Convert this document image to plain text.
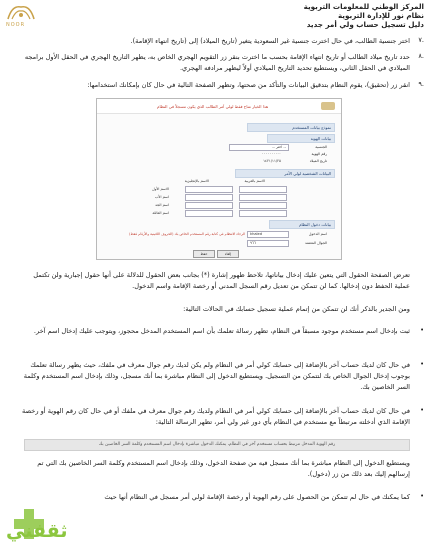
NOOR
المركز الوطني للمعلومات التربوية
نظام نور للإدارة التربوية
دليل تسجيل حساب ولي أمر جديد
٧.
اختر جنسية الطالب، في حال اخترت جنسية غير السعودية يتغير (تاريخ الميلاد) إلى (تاريخ انتهاء الإقامة).
٨.
حدد تاريخ ميلاد الطالب أو تاريخ انتهاء الإقامة بحسب ما اخترت بنقر زر التقويم الهجري الخاص به، يظهر التاريخ الهجري في الحقل الأول برامجه الميلادي في الحقل الثاني، ويستطيع تحديد التاريخ الميلادي أولاً ليظهر مرادفه الهجري.
٩.
انقر زر (تحقيق)، يقوم النظام بتدقيق البيانات والتأكد من صحتها، وتظهر الصفحة التالية في حال كان بإمكانك استخدامها:
هذا الخيار متاح فقط لولي أمر الطالب الذي يكون مسجلاً في النظام
نموذج بيانات المستخدم
بيانات الهوية
الجنسية
-- اختر --
رقم الهوية
٠٠٠٠٠٠٠٠٠٠
تاريخ الميلاد
١٤٢١/١١/٢٥
البيانات الشخصية لولي الأمر
الاسم بالعربية
الاسم بالإنجليزية
الاسم الأول
اسم الأب
اسم الجد
اسم العائلة
بيانات دخول النظام
اسم الدخول
khaled
الرجاء الانتظام في كتابة رقم المستخدم الخاص بك (الحروف اللاتينية والأرقام فقط)
الجوال المعتمد
٩٦٦
حفظ	إلغاء
تعرض الصفحة الحقول التي يتعين عليك إدخال بياناتها، تلاحظ ظهور إشارة (*) بجانب بعض الحقول للدلالة على أنها حقول إجبارية ولن تكتمل عملية الحفظ دون إدخالها. كما لن تتمكن من تعديل رقم السجل المدني أو رخصة الإقامة واسم الدخول.
ومن الجدير بالذكر أنك لن تتمكن من إتمام عملية تسجيل حسابك في الحالات التالية:
•
ثبت بإدخال اسم مستخدم موجود مسبقاً في النظام، تظهر رسالة تعلمك بأن اسم المستخدم المدخل محجوز، ويتوجب عليك إدخال اسم آخر.
•
في حال كان لديك حساب آخر بالإضافة إلى حسابك كولي أمر في النظام ولم يكن لديك رقم جوال معرف في ملفك، حيث يظهر رسالة تعلمك بوجوب إدخال الجوال الخاص بك لتتمكن من التسجيل. ويستطيع الدخول إلى النظام مباشرة بما أنك مسجل، وذلك بإدخال اسم المستخدم وكلمة السر الخاصين بك.
•
في حال كان لديك حساب آخر بالإضافة إلى حسابك كولي أمر في النظام ولديك رقم جوال معرف في ملفك أو في حال كان رقم الهوية أو رخصة الإقامة الذي أدخلته مرتبطاً مع مستخدم في النظام بأي دور غير ولي أمر، تظهر الرسالة التالية:
رقم الهوية المدخل مرتبط بحساب مستخدم آخر في النظام، يمكنك الدخول مباشرة بإدخال اسم المستخدم وكلمة السر الخاصين بك
ويستطيع الدخول إلى النظام مباشرة بما أنك مسجل فيه من صفحة الدخول، وذلك بإدخال اسم المستخدم وكلمة السر الخاصين بك التي تم إرسالهم إليك بعد ذلك من زر (دخول).
•
كما يمكنك في حال لم تتمكن من الحصول على رقم الهوية أو رخصة الإقامة لولي أمر مسجل في النظام أنها حيث
ثقفني
